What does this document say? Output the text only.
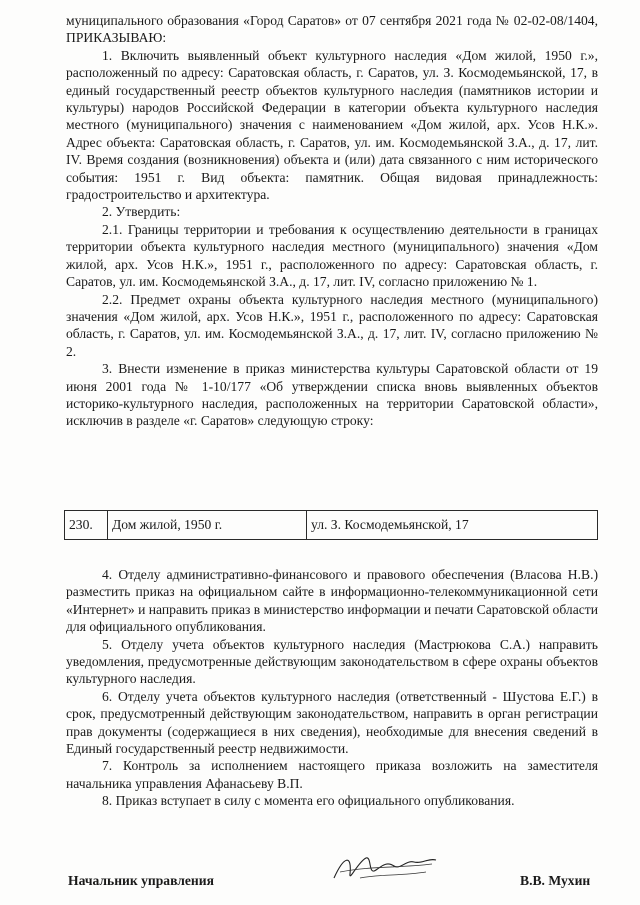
муниципального образования «Город Саратов» от 07 сентября 2021 года № 02-02-08/1404, ПРИКАЗЫВАЮ:

1. Включить выявленный объект культурного наследия «Дом жилой, 1950 г.», расположенный по адресу: Саратовская область, г. Саратов, ул. З. Космодемьянской, 17, в единый государственный реестр объектов культурного наследия (памятников истории и культуры) народов Российской Федерации в категории объекта культурного наследия местного (муниципального) значения с наименованием «Дом жилой, арх. Усов Н.К.». Адрес объекта: Саратовская область, г. Саратов, ул. им. Космодемьянской З.А., д. 17, лит. IV. Время создания (возникновения) объекта и (или) дата связанного с ним исторического события: 1951 г. Вид объекта: памятник. Общая видовая принадлежность: градостроительство и архитектура.

2. Утвердить:

2.1. Границы территории и требования к осуществлению деятельности в границах территории объекта культурного наследия местного (муниципального) значения «Дом жилой, арх. Усов Н.К.», 1951 г., расположенного по адресу: Саратовская область, г. Саратов, ул. им. Космодемьянской З.А., д. 17, лит. IV, согласно приложению № 1.

2.2. Предмет охраны объекта культурного наследия местного (муниципального) значения «Дом жилой, арх. Усов Н.К.», 1951 г., расположенного по адресу: Саратовская область, г. Саратов, ул. им. Космодемьянской З.А., д. 17, лит. IV, согласно приложению № 2.

3. Внести изменение в приказ министерства культуры Саратовской области от 19 июня 2001 года № 1-10/177 «Об утверждении списка вновь выявленных объектов историко-культурного наследия, расположенных на территории Саратовской области», исключив в разделе «г. Саратов» следующую строку:

230.	Дом жилой, 1950 г.	ул. З. Космодемьянской, 17

4. Отделу административно-финансового и правового обеспечения (Власова Н.В.) разместить приказ на официальном сайте в информационно-телекоммуникационной сети «Интернет» и направить приказ в министерство информации и печати Саратовской области для официального опубликования.

5. Отделу учета объектов культурного наследия (Мастрюкова С.А.) направить уведомления, предусмотренные действующим законодательством в сфере охраны объектов культурного наследия.

6. Отделу учета объектов культурного наследия (ответственный - Шустова Е.Г.) в срок, предусмотренный действующим законодательством, направить в орган регистрации прав документы (содержащиеся в них сведения), необходимые для внесения сведений в Единый государственный реестр недвижимости.

7. Контроль за исполнением настоящего приказа возложить на заместителя начальника управления Афанасьеву В.П.

8. Приказ вступает в силу с момента его официального опубликования.

Начальник управления	В.В. Мухин
